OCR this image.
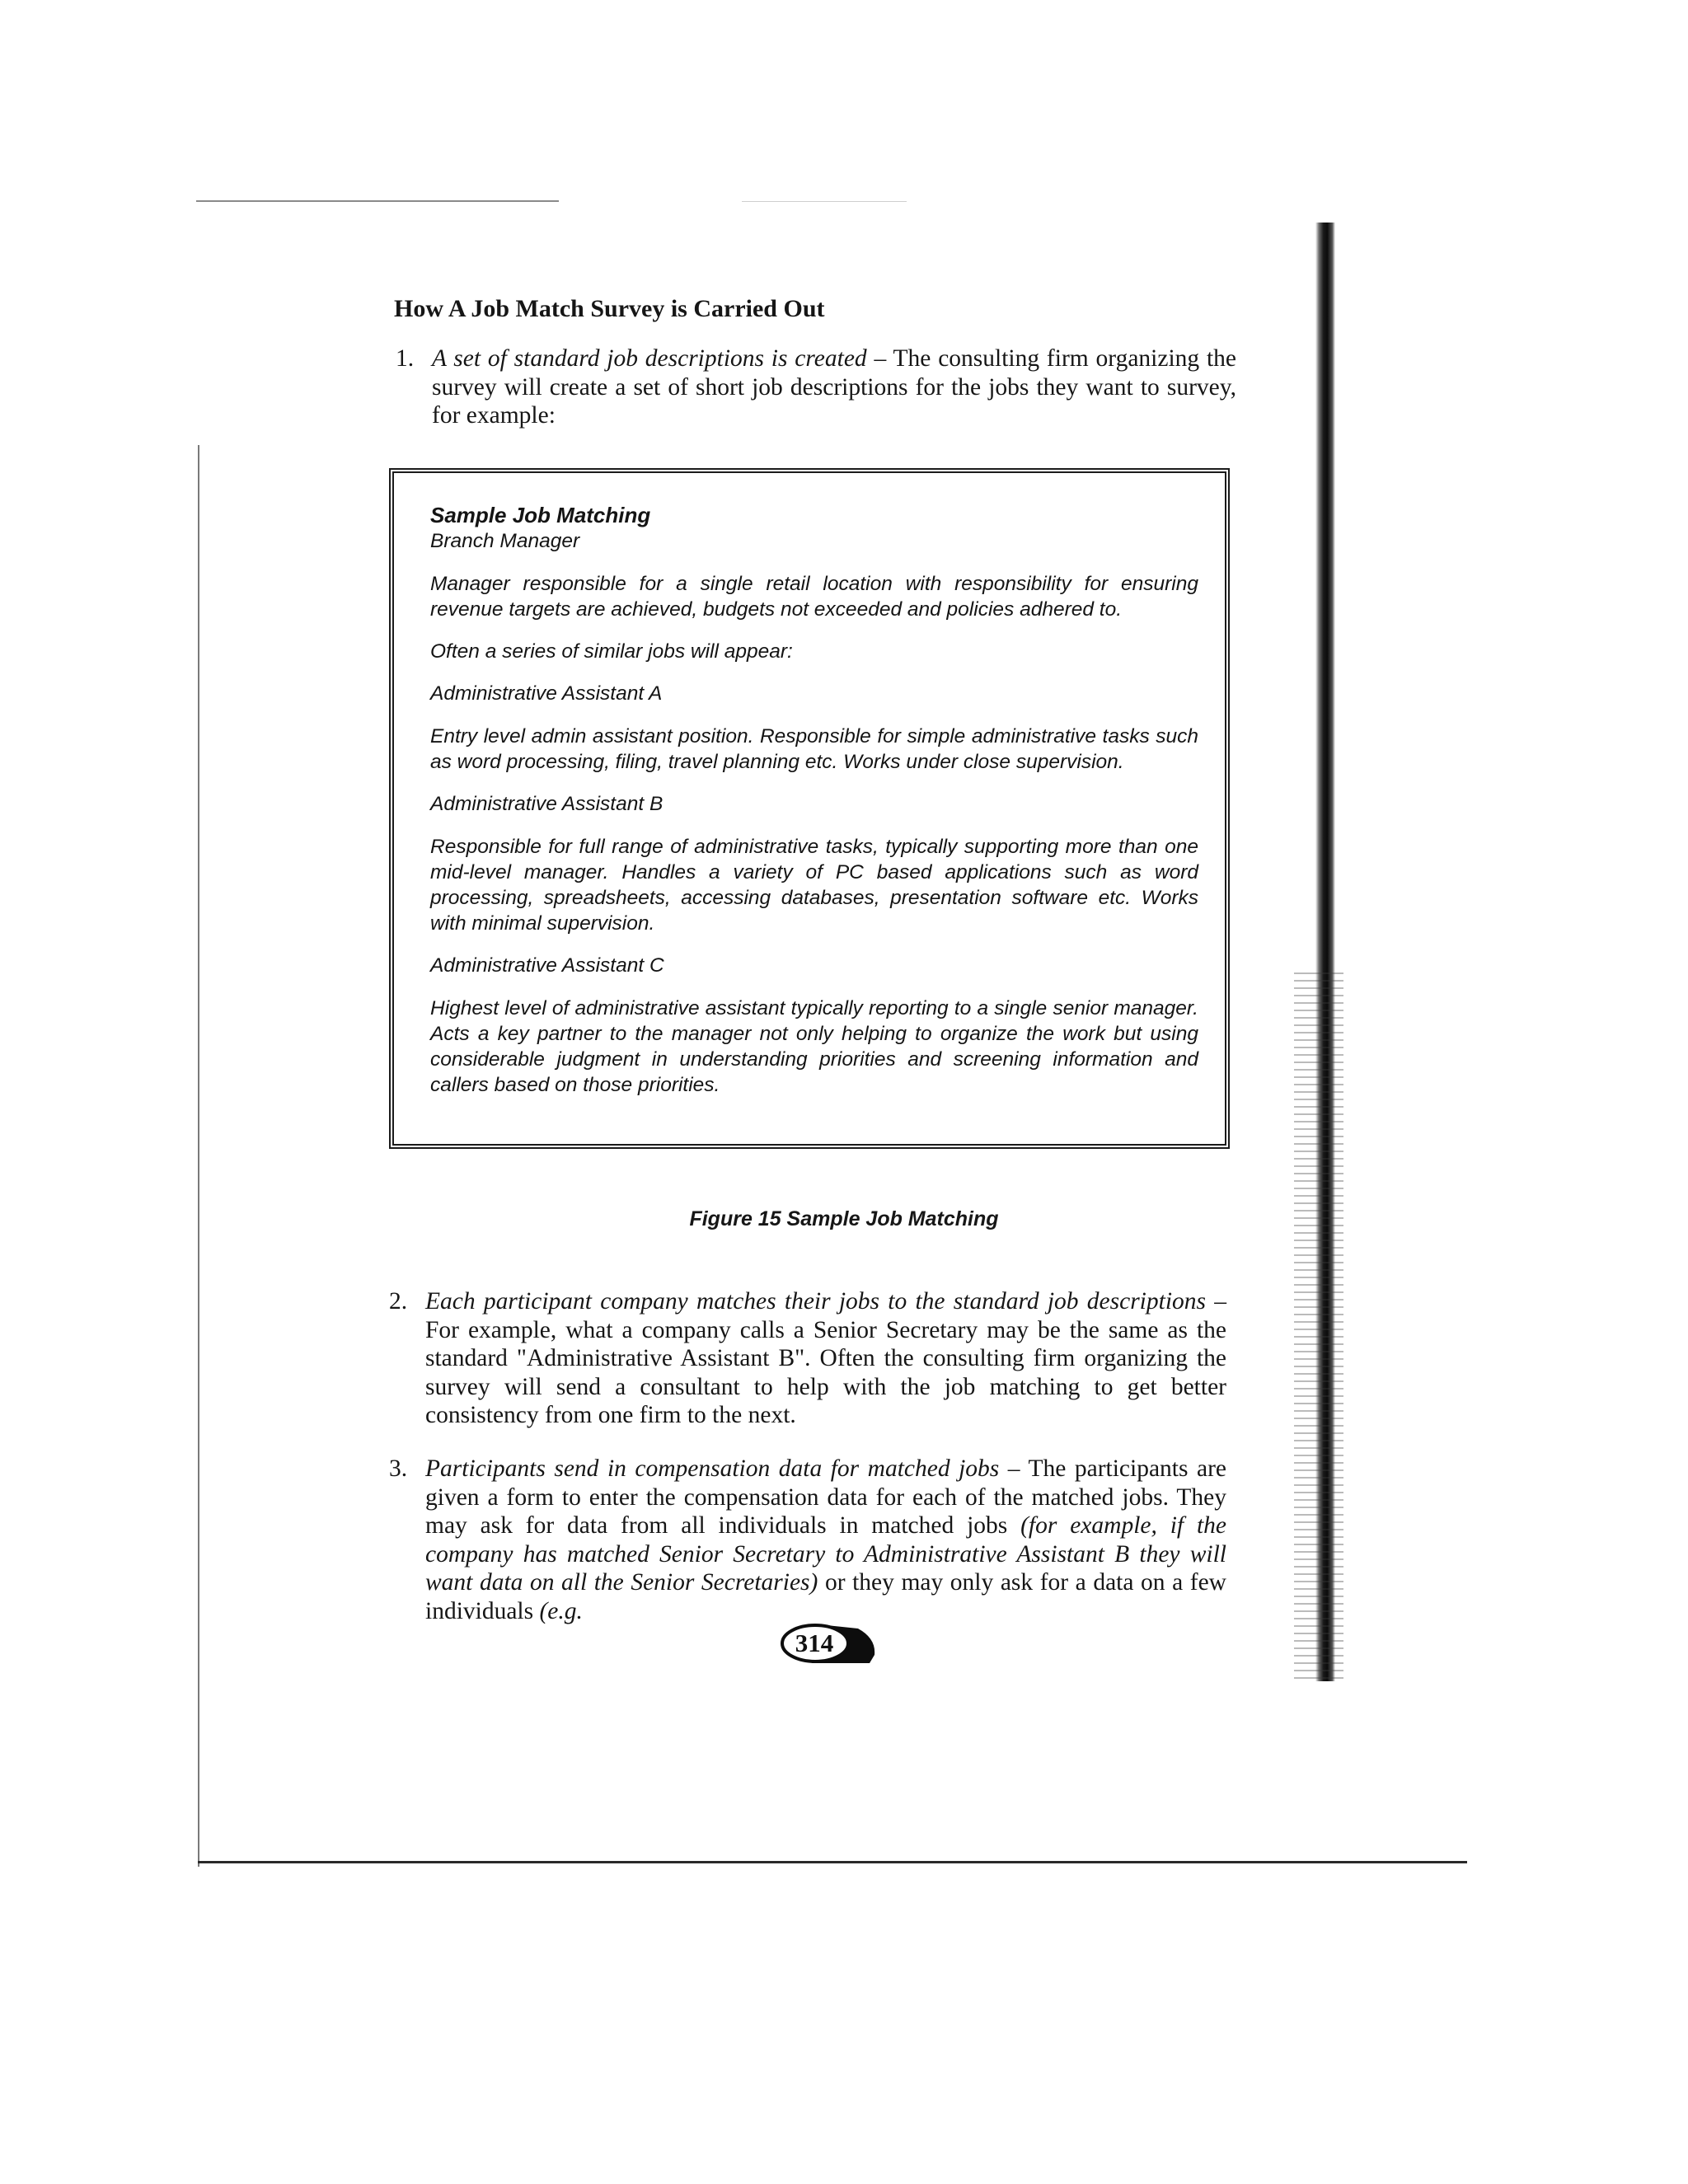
How A Job Match Survey is Carried Out

1. A set of standard job descriptions is created – The consulting firm organizing the survey will create a set of short job descriptions for the jobs they want to survey, for example:

Sample Job Matching

Branch Manager

Manager responsible for a single retail location with responsibility for ensuring revenue targets are achieved, budgets not exceeded and policies adhered to.

Often a series of similar jobs will appear:

Administrative Assistant A

Entry level admin assistant position. Responsible for simple administrative tasks such as word processing, filing, travel planning etc. Works under close supervision.

Administrative Assistant B

Responsible for full range of administrative tasks, typically supporting more than one mid-level manager. Handles a variety of PC based applications such as word processing, spreadsheets, accessing databases, presentation software etc. Works with minimal supervision.

Administrative Assistant C

Highest level of administrative assistant typically reporting to a single senior manager. Acts a key partner to the manager not only helping to organize the work but using considerable judgment in understanding priorities and screening information and callers based on those priorities.

Figure 15 Sample Job Matching

2. Each participant company matches their jobs to the standard job descriptions – For example, what a company calls a Senior Secretary may be the same as the standard "Administrative Assistant B". Often the consulting firm organizing the survey will send a consultant to help with the job matching to get better consistency from one firm to the next.

3. Participants send in compensation data for matched jobs – The participants are given a form to enter the compensation data for each of the matched jobs. They may ask for data from all individuals in matched jobs (for example, if the company has matched Senior Secretary to Administrative Assistant B they will want data on all the Senior Secretaries) or they may only ask for a data on a few individuals (e.g.

314
